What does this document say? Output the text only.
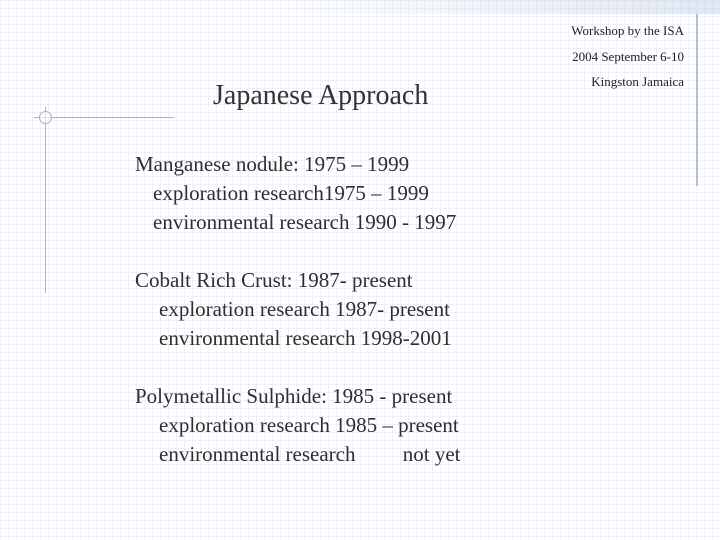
Workshop by the ISA
2004 September 6-10
Kingston Jamaica
Japanese Approach
Manganese nodule: 1975 – 1999
exploration research1975 – 1999
environmental research 1990 - 1997
Cobalt Rich Crust: 1987- present
exploration research 1987- present
environmental research 1998-2001
Polymetallic Sulphide: 1985 - present
exploration research 1985 – present
environmental research         not yet
